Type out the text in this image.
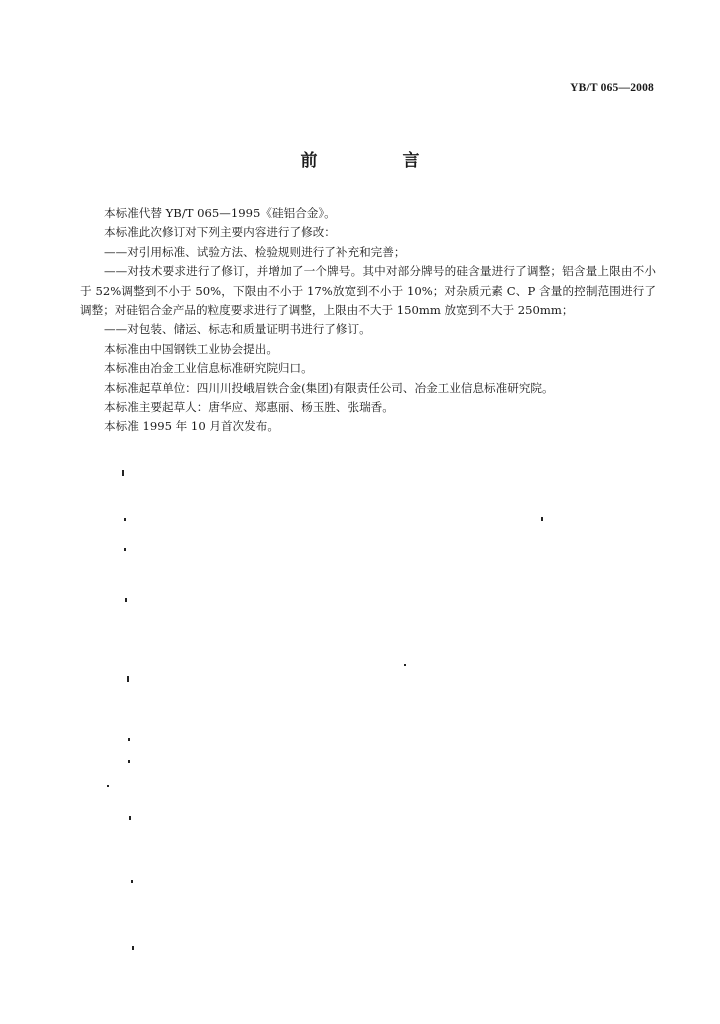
YB/T 065—2008
前　言

本标准代替 YB/T 065—1995《硅铝合金》。

本标准此次修订对下列主要内容进行了修改：

——对引用标准、试验方法、检验规则进行了补充和完善；

——对技术要求进行了修订，并增加了一个牌号。其中对部分牌号的硅含量进行了调整；铝含量上限由不小于 52%调整到不小于 50%，下限由不小于 17%放宽到不小于 10%；对杂质元素 C、P 含量的控制范围进行了调整；对硅铝合金产品的粒度要求进行了调整，上限由不大于 150mm 放宽到不大于 250mm；

——对包装、储运、标志和质量证明书进行了修订。

本标准由中国钢铁工业协会提出。

本标准由冶金工业信息标准研究院归口。

本标准起草单位：四川川投峨眉铁合金(集团)有限责任公司、冶金工业信息标准研究院。

本标准主要起草人：唐华应、郑惠丽、杨玉胜、张瑞香。

本标准 1995 年 10 月首次发布。
